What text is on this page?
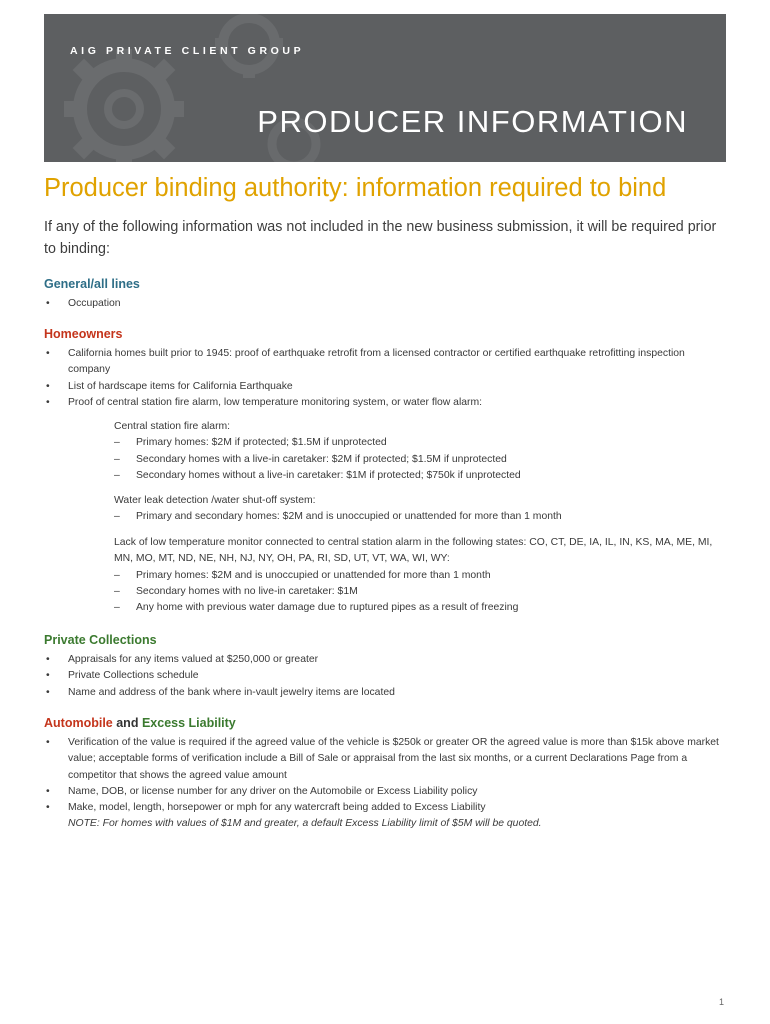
AIG PRIVATE CLIENT GROUP
PRODUCER INFORMATION
Producer binding authority: information required to bind

If any of the following information was not included in the new business submission, it will be required prior to binding:

General/all lines
• Occupation
Homeowners
• California homes built prior to 1945: proof of earthquake retrofit from a licensed contractor or certified earthquake retrofitting inspection company
• List of hardscape items for California Earthquake
• Proof of central station fire alarm, low temperature monitoring system, or water flow alarm:

Central station fire alarm:

– Primary homes: $2M if protected; $1.5M if unprotected
– Secondary homes with a live-in caretaker: $2M if protected; $1.5M if unprotected
– Secondary homes without a live-in caretaker: $1M if protected; $750k if unprotected

Water leak detection /water shut-off system:

– Primary and secondary homes: $2M and is unoccupied or unattended for more than 1 month

Lack of low temperature monitor connected to central station alarm in the following states: CO, CT, DE, IA, IL, IN, KS, MA, ME, MI, MN, MO, MT, ND, NE, NH, NJ, NY, OH, PA, RI, SD, UT, VT, WA, WI, WY:

– Primary homes: $2M and is unoccupied or unattended for more than 1 month
– Secondary homes with no live-in caretaker: $1M
– Any home with previous water damage due to ruptured pipes as a result of freezing
Private Collections
• Appraisals for any items valued at $250,000 or greater
• Private Collections schedule
• Name and address of the bank where in-vault jewelry items are located
Automobile and Excess Liability
• Verification of the value is required if the agreed value of the vehicle is $250k or greater OR the agreed value is more than $15k above market value; acceptable forms of verification include a Bill of Sale or appraisal from the last six months, or a current Declarations Page from a competitor that shows the agreed value amount
• Name, DOB, or license number for any driver on the Automobile or Excess Liability policy
• Make, model, length, horsepower or mph for any watercraft being added to Excess Liability
NOTE: For homes with values of $1M and greater, a default Excess Liability limit of $5M will be quoted.
1
